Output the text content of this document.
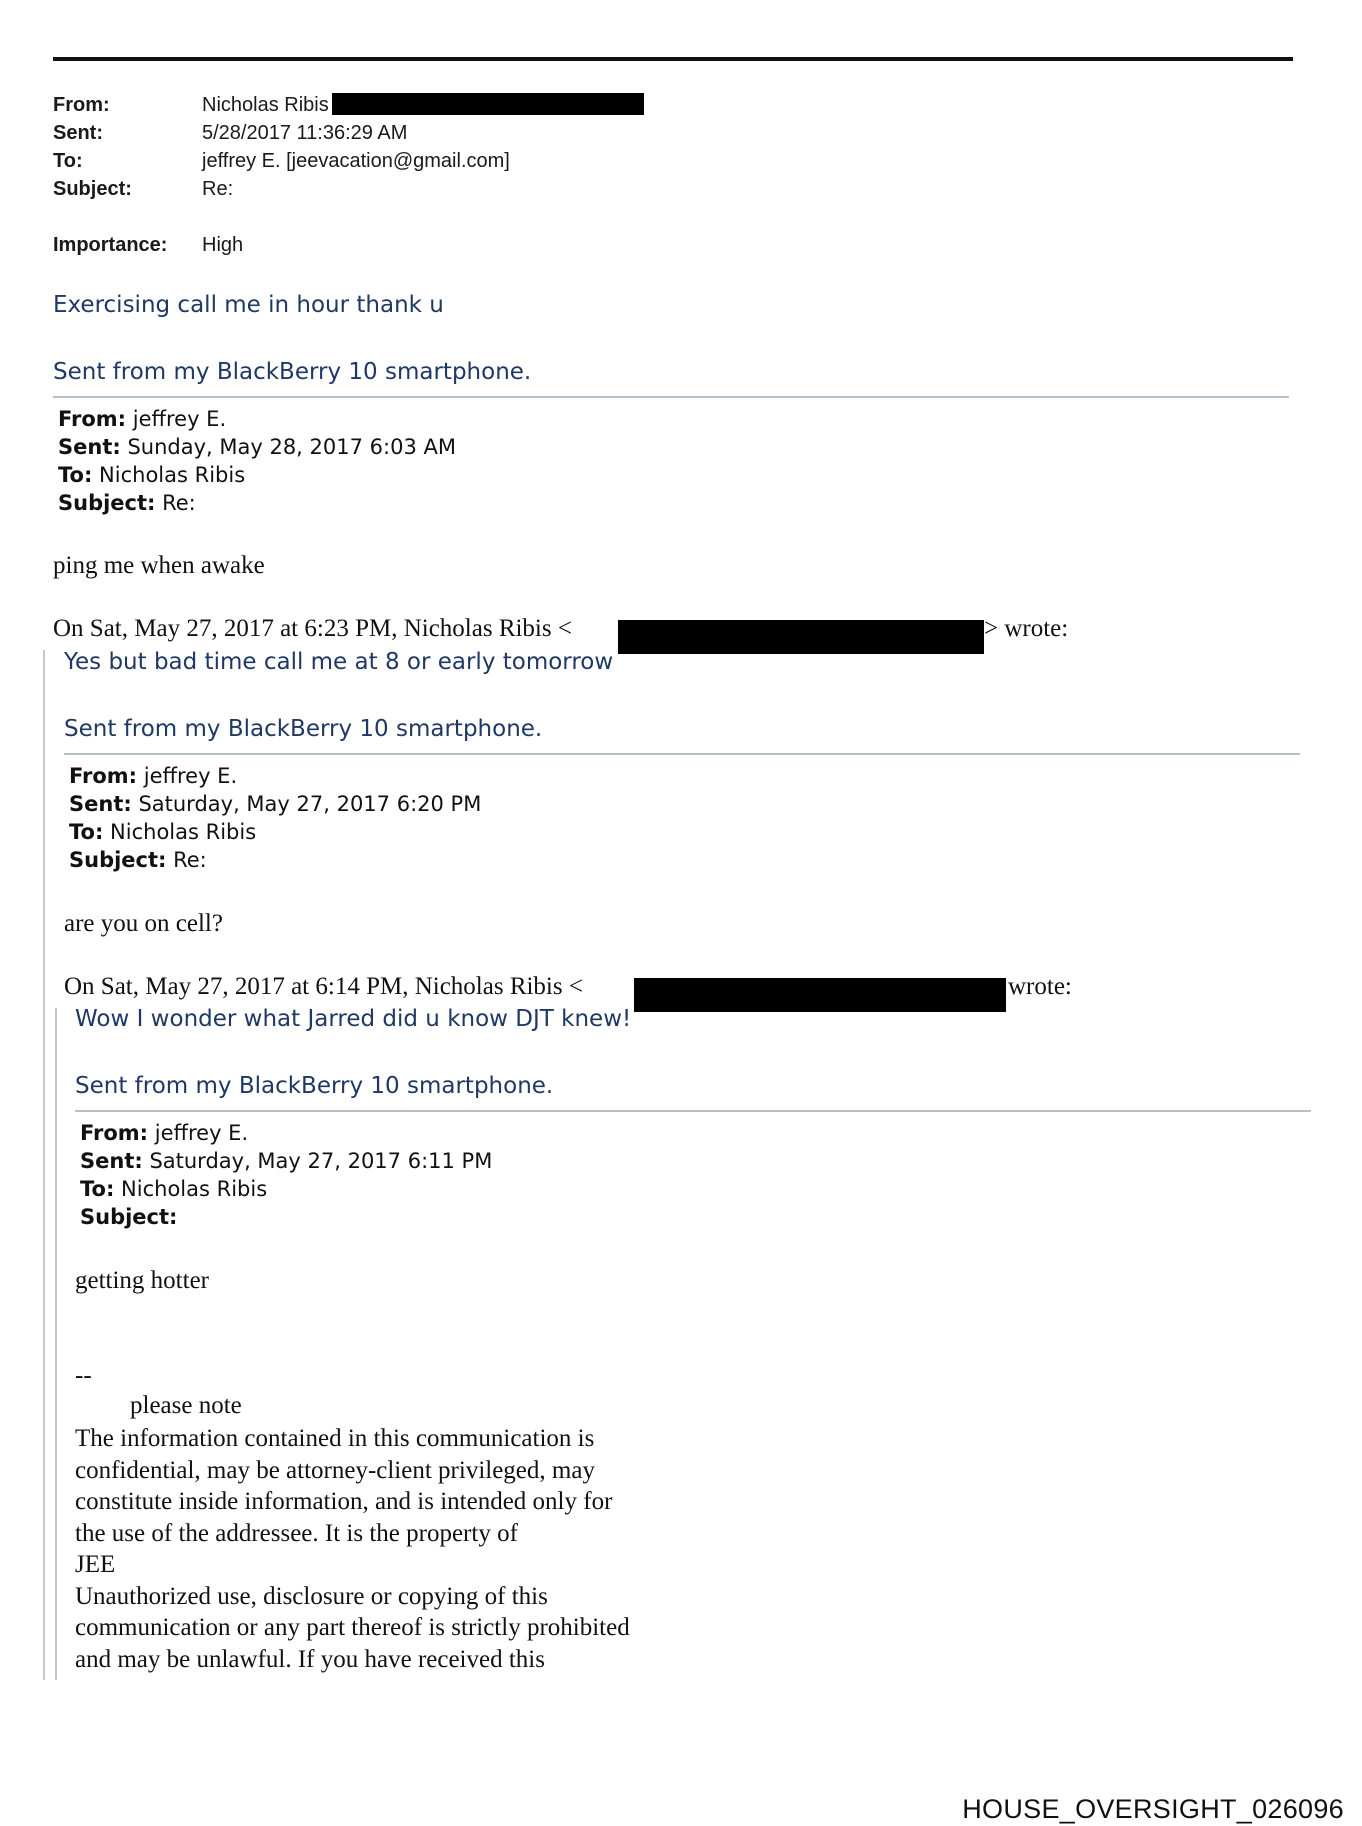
From:	Nicholas Ribis
Sent:	5/28/2017 11:36:29 AM
To:	jeffrey E. [jeevacation@gmail.com]
Subject:	Re:
Importance: High
Exercising call me in hour thank u
Sent from my BlackBerry 10 smartphone.
From: jeffrey E.
Sent: Sunday, May 28, 2017 6:03 AM
To: Nicholas Ribis
Subject: Re:
ping me when awake
On Sat, May 27, 2017 at 6:23 PM, Nicholas Ribis <	> wrote:
Yes but bad time call me at 8 or early tomorrow
Sent from my BlackBerry 10 smartphone.
From: jeffrey E.
Sent: Saturday, May 27, 2017 6:20 PM
To: Nicholas Ribis
Subject: Re:
are you on cell?
On Sat, May 27, 2017 at 6:14 PM, Nicholas Ribis <	wrote:
Wow I wonder what Jarred did u know DJT knew!
Sent from my BlackBerry 10 smartphone.
From: jeffrey E.
Sent: Saturday, May 27, 2017 6:11 PM
To: Nicholas Ribis
Subject:
getting hotter
--
please note
The information contained in this communication is
confidential, may be attorney-client privileged, may
constitute inside information, and is intended only for
the use of the addressee. It is the property of
JEE
Unauthorized use, disclosure or copying of this
communication or any part thereof is strictly prohibited
and may be unlawful. If you have received this
HOUSE_OVERSIGHT_026096
